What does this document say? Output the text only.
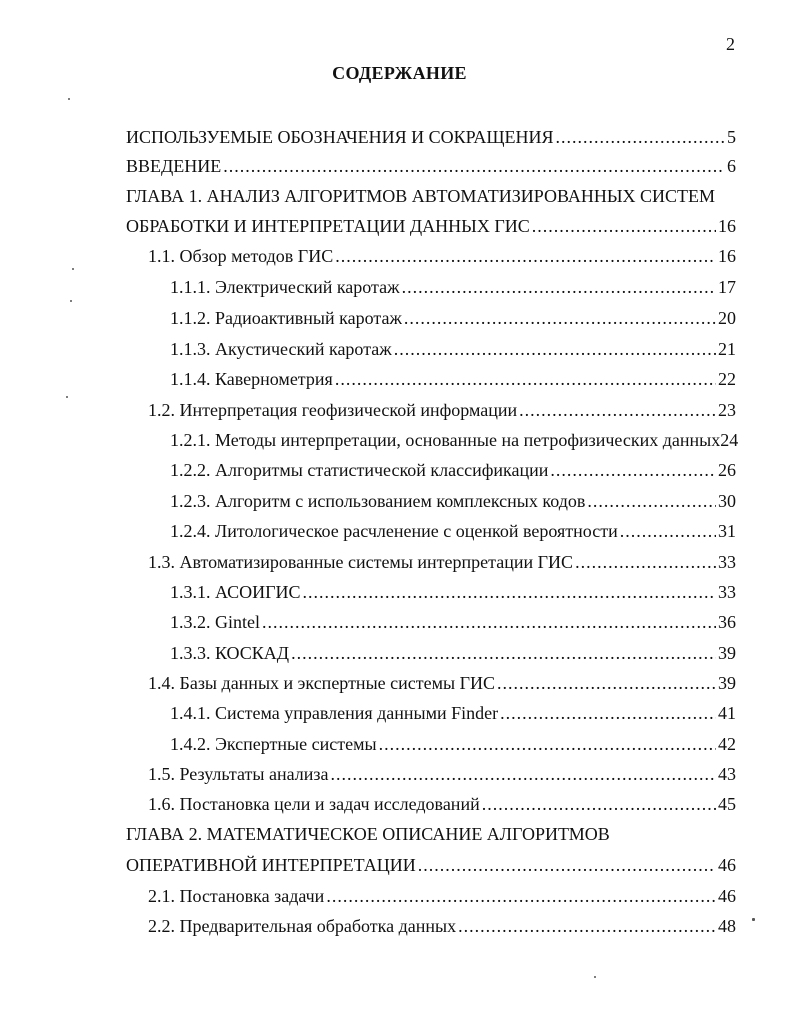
2
СОДЕРЖАНИЕ
ИСПОЛЬЗУЕМЫЕ ОБОЗНАЧЕНИЯ И СОКРАЩЕНИЯ .....	5
ВВЕДЕНИЕ .....	6
ГЛАВА 1. АНАЛИЗ АЛГОРИТМОВ АВТОМАТИЗИРОВАННЫХ СИСТЕМ
ОБРАБОТКИ И ИНТЕРПРЕТАЦИИ ДАННЫХ ГИС .....	16
1.1. Обзор методов ГИС .....	16
1.1.1. Электрический каротаж .....	17
1.1.2. Радиоактивный каротаж .....	20
1.1.3. Акустический каротаж .....	21
1.1.4. Кавернометрия .....	22
1.2. Интерпретация геофизической информации .....	23
1.2.1. Методы интерпретации, основанные на петрофизических данных 24
1.2.2. Алгоритмы статистической классификации .....	26
1.2.3. Алгоритм с использованием комплексных кодов .....	30
1.2.4. Литологическое расчленение с оценкой вероятности .....	31
1.3. Автоматизированные системы интерпретации ГИС .....	33
1.3.1. АСОИГИС .....	33
1.3.2. Gintel .....	36
1.3.3. КОСКАД .....	39
1.4. Базы данных и экспертные системы ГИС .....	39
1.4.1. Система управления данными Finder .....	41
1.4.2. Экспертные системы .....	42
1.5. Результаты анализа .....	43
1.6. Постановка цели и задач исследований .....	45
ГЛАВА 2. МАТЕМАТИЧЕСКОЕ ОПИСАНИЕ АЛГОРИТМОВ
ОПЕРАТИВНОЙ ИНТЕРПРЕТАЦИИ .....	46
2.1. Постановка задачи .....	46
2.2. Предварительная обработка данных .....	48
